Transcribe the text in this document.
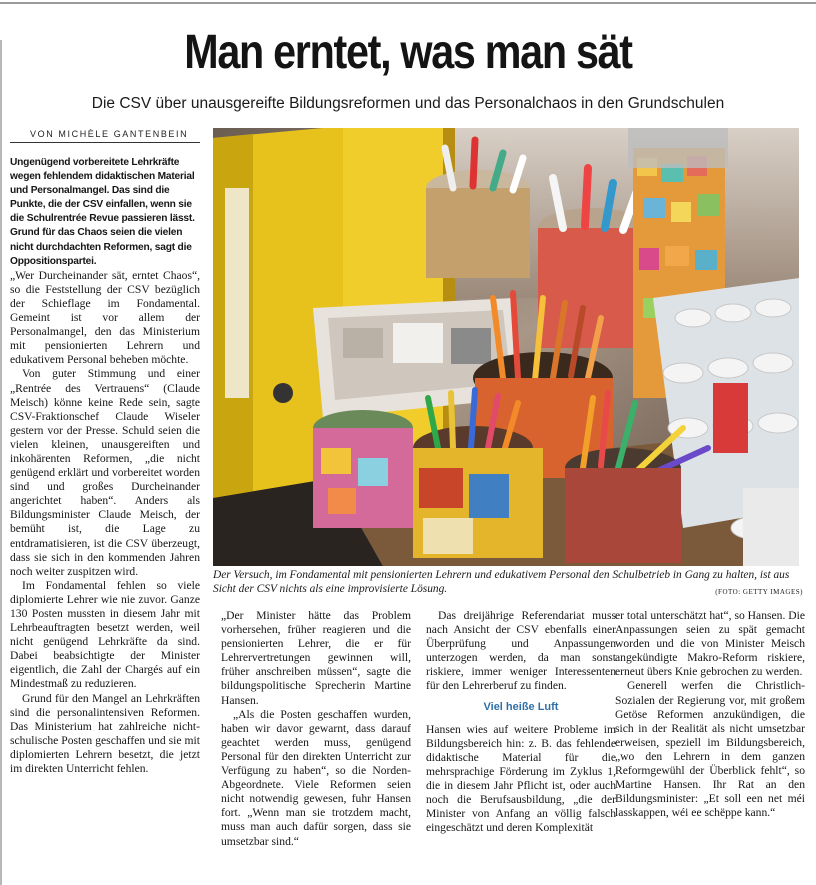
Man erntet, was man sät
Die CSV über unausgereifte Bildungsreformen und das Personalchaos in den Grundschulen
VON MICHÈLE GANTENBEIN

Der Versuch, im Fondamental mit pensionierten Lehrern und edukativem Personal den Schulbetrieb in Gang zu halten, ist aus Sicht der CSV nichts als eine improvisierte Lösung.	(FOTO: GETTY IMAGES)

Ungenügend vorbereitete Lehrkräfte wegen fehlendem didaktischen Material und Personalmangel. Das sind die Punkte, die der CSV einfallen, wenn sie die Schulrentrée Revue passieren lässt. Grund für das Chaos seien die vielen nicht durchdachten Reformen, sagt die Oppositionspartei.

„Wer Durcheinander sät, erntet Chaos“, so die Feststellung der CSV bezüglich der Schieflage im Fondamental. Gemeint ist vor allem der Personalmangel, den das Ministerium mit pensionierten Lehrern und edukativem Personal beheben möchte.

Von guter Stimmung und einer „Rentrée des Vertrauens“ (Claude Meisch) könne keine Rede sein, sagte CSV-Fraktionschef Claude Wiseler gestern vor der Presse. Schuld seien die vielen kleinen, unausgereiften und inkohärenten Reformen, „die nicht genügend erklärt und vorbereitet worden sind und großes Durcheinander angerichtet haben“. Anders als Bildungsminister Claude Meisch, der bemüht ist, die Lage zu entdramatisieren, ist die CSV überzeugt, dass sie sich in den kommenden Jahren noch weiter zuspitzen wird.

Im Fondamental fehlen so viele diplomierte Lehrer wie nie zuvor. Ganze 130 Posten mussten in diesem Jahr mit Lehrbeauftragten besetzt werden, weil nicht genügend Lehrkräfte da sind. Dabei beabsichtigte der Minister eigentlich, die Zahl der Chargés auf ein Mindestmaß zu reduzieren.

Grund für den Mangel an Lehrkräften sind die personalintensiven Reformen. Das Ministerium hat zahlreiche nicht-schulische Posten geschaffen und sie mit diplomierten Lehrern besetzt, die jetzt im direkten Unterricht fehlen.

„Der Minister hätte das Problem vorhersehen, früher reagieren und die pensionierten Lehrer, die er für Lehrervertretungen gewinnen will, früher anschreiben müssen“, sagte die bildungspolitische Sprecherin Martine Hansen.

„Als die Posten geschaffen wurden, haben wir davor gewarnt, dass darauf geachtet werden muss, genügend Personal für den direkten Unterricht zur Verfügung zu haben“, so die Norden-Abgeordnete. Viele Reformen seien nicht notwendig gewesen, fuhr Hansen fort. „Wenn man sie trotzdem macht, muss man auch dafür sorgen, dass sie umsetzbar sind.“

Das dreijährige Referendariat muss nach Ansicht der CSV ebenfalls einer Überprüfung und Anpassungen unterzogen werden, da man sonst riskiere, immer weniger Interessenten für den Lehrerberuf zu finden.

Viel heiße Luft

Hansen wies auf weitere Probleme im Bildungsbereich hin: z. B. das fehlende didaktische Material für die mehrsprachige Förderung im Zyklus 1, die in diesem Jahr Pflicht ist, oder auch noch die Berufsausbildung, „die der Minister von Anfang an völlig falsch eingeschätzt und deren Komplexität

er total unterschätzt hat“, so Hansen. Die Anpassungen seien zu spät gemacht worden und die von Minister Meisch angekündigte Makro-Reform riskiere, erneut übers Knie gebrochen zu werden.

Generell werfen die Christlich-Sozialen der Regierung vor, mit großem Getöse Reformen anzukündigen, die sich in der Realität als nicht umsetzbar erweisen, speziell im Bildungsbereich, „wo den Lehrern in dem ganzen Reformgewühl der Überblick fehlt“, so Martine Hansen. Ihr Rat an den Bildungsminister: „Et soll een net méi lasskappen, wéi ee schëppe kann.“
